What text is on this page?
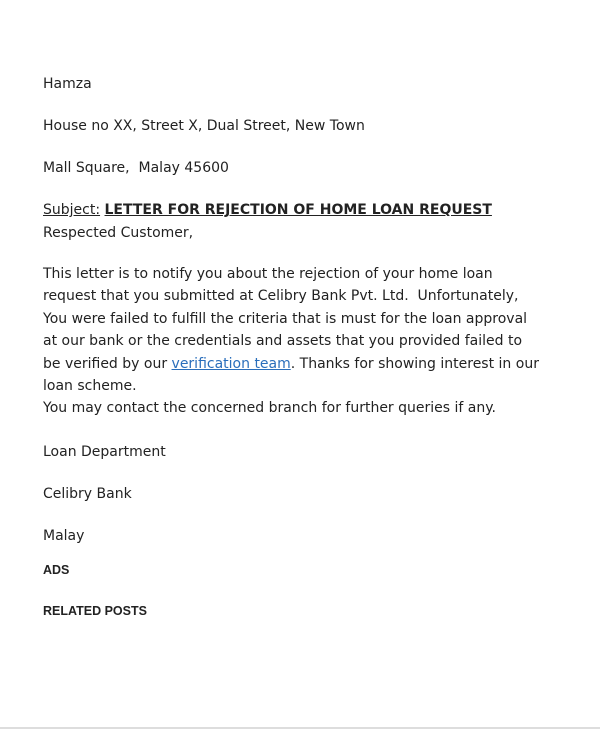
Hamza
House no XX, Street X, Dual Street, New Town
Mall Square,  Malay 45600
Subject: LETTER FOR REJECTION OF HOME LOAN REQUEST
Respected Customer,
This letter is to notify you about the rejection of your home loan
request that you submitted at Celibry Bank Pvt. Ltd.  Unfortunately,
You were failed to fulfill the criteria that is must for the loan approval
at our bank or the credentials and assets that you provided failed to
be verified by our verification team. Thanks for showing interest in our
loan scheme.
You may contact the concerned branch for further queries if any.
Loan Department
Celibry Bank
Malay
ADS
RELATED POSTS
